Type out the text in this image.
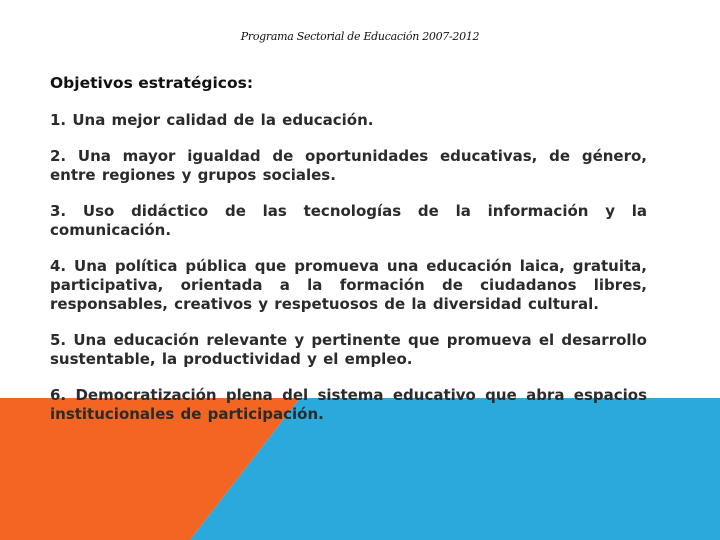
Programa Sectorial de Educación 2007-2012
Objetivos estratégicos:
1. Una mejor calidad de la educación.
2. Una mayor igualdad de oportunidades educativas, de género, entre regiones y grupos sociales.
3. Uso didáctico de las tecnologías de la información y la comunicación.
4. Una política pública que promueva una educación laica, gratuita, participativa, orientada a la formación de ciudadanos libres, responsables, creativos y respetuosos de la diversidad cultural.
5. Una educación relevante y pertinente que promueva el desarrollo sustentable, la productividad y el empleo.
6. Democratización plena del sistema educativo que abra espacios institucionales de participación.
